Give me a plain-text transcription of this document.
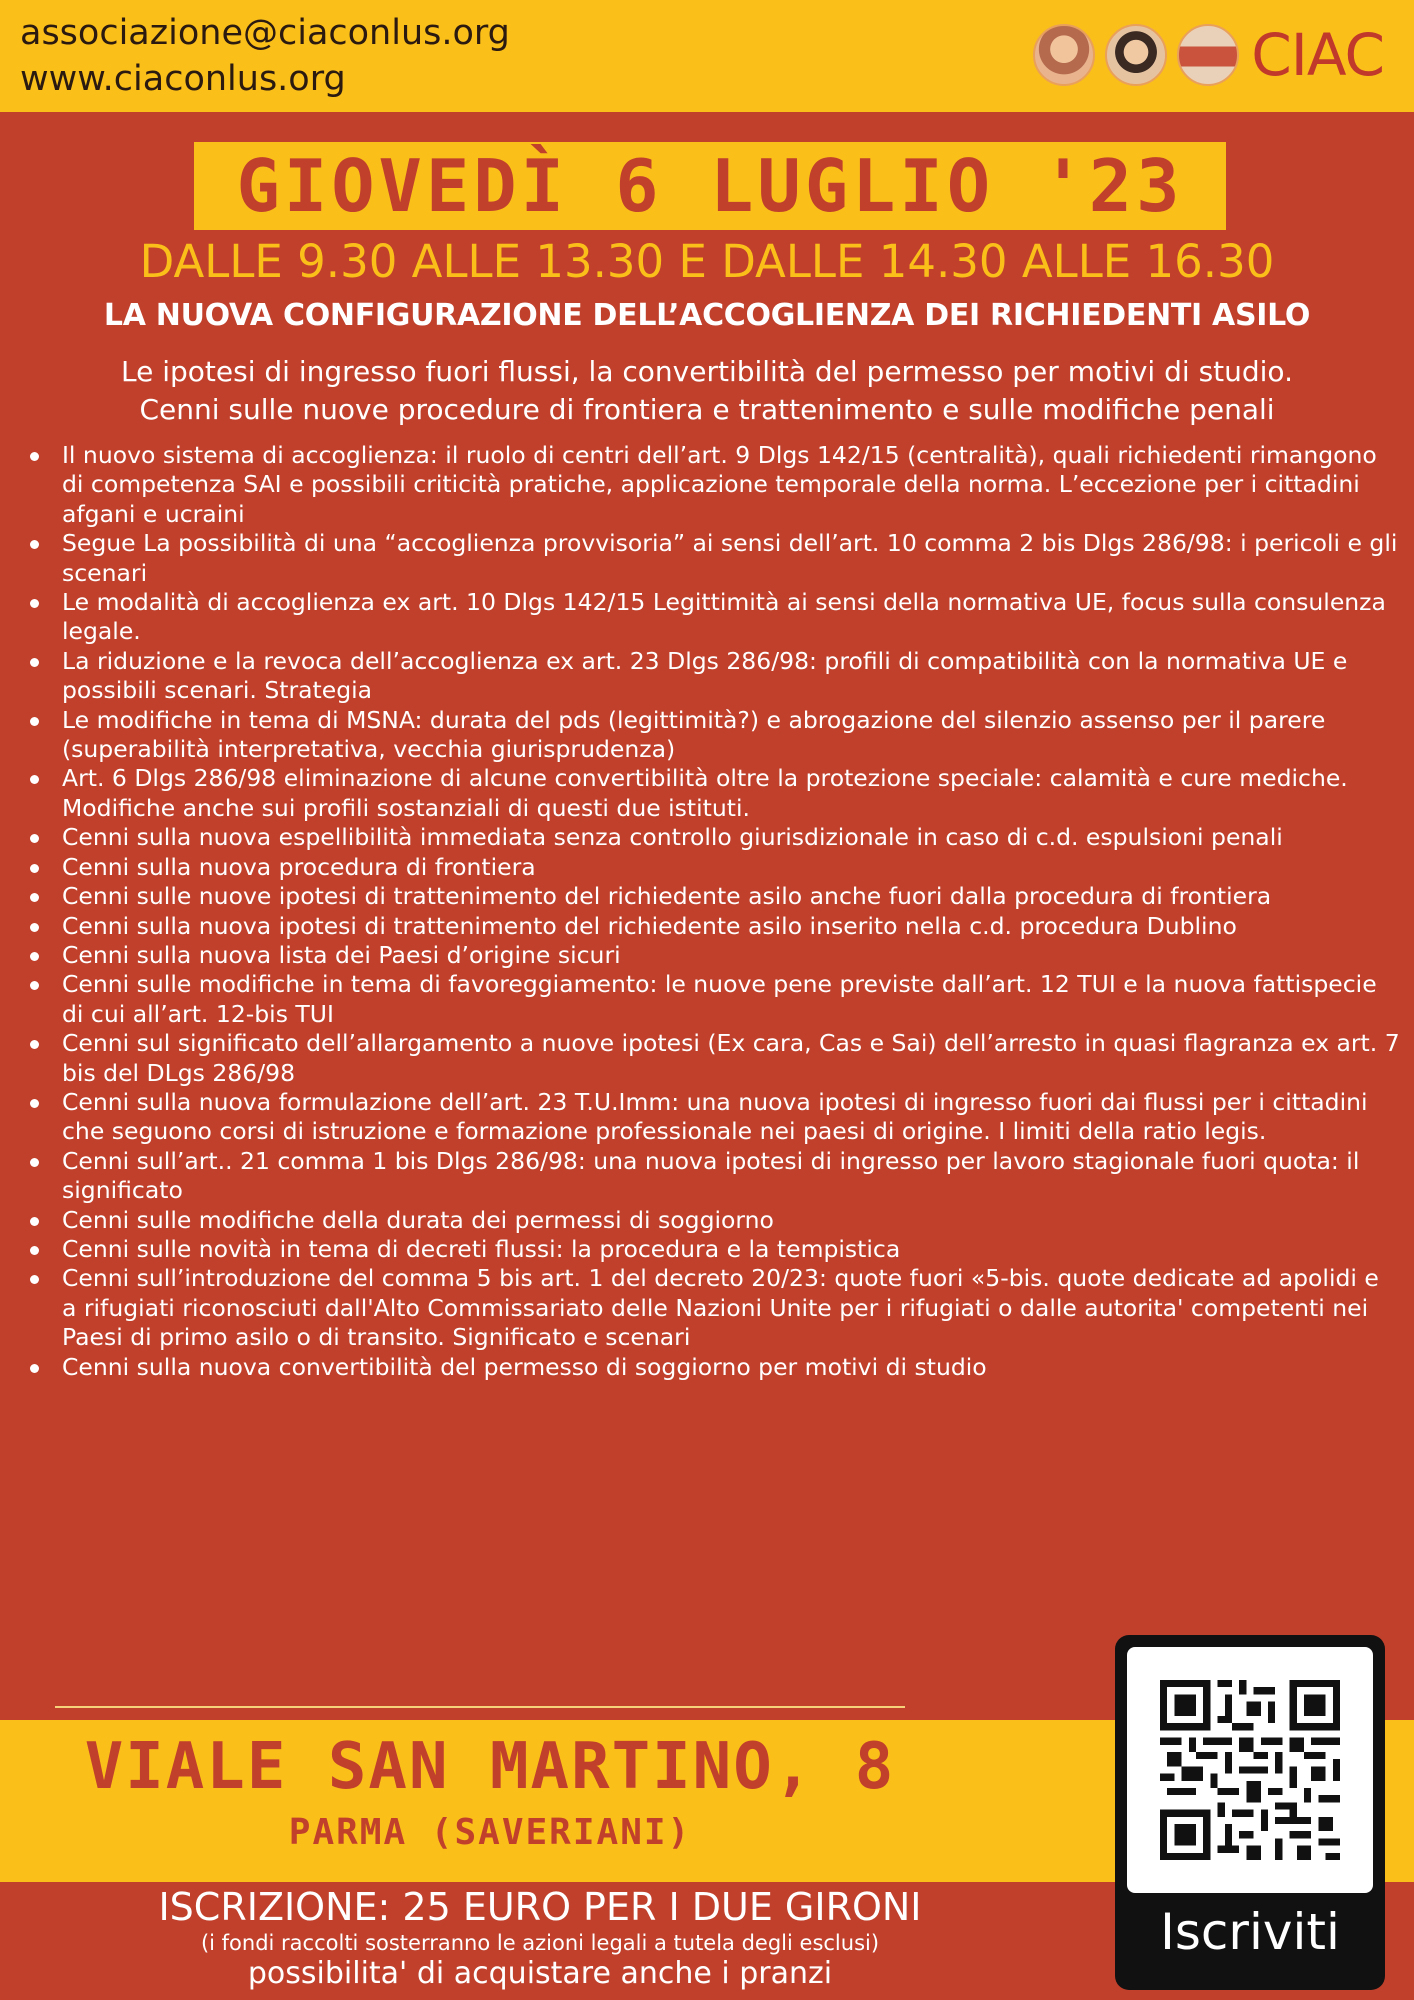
associazione@ciaconlus.org
www.ciaconlus.org	CIAC
GIOVEDÌ 6 LUGLIO '23
DALLE 9.30 ALLE 13.30 E DALLE 14.30 ALLE 16.30
LA NUOVA CONFIGURAZIONE DELL’ACCOGLIENZA DEI RICHIEDENTI ASILO
Le ipotesi di ingresso fuori flussi, la convertibilità del permesso per motivi di studio.
Cenni sulle nuove procedure di frontiera e trattenimento e sulle modifiche penali
Il nuovo sistema di accoglienza: il ruolo di centri dell’art. 9 Dlgs 142/15 (centralità), quali richiedenti rimangono di competenza SAI e possibili criticità pratiche, applicazione temporale della norma. L’eccezione per i cittadini afgani e ucraini
Segue La possibilità di una “accoglienza provvisoria” ai sensi dell’art. 10 comma 2 bis Dlgs 286/98: i pericoli e gli scenari
Le modalità di accoglienza ex art. 10 Dlgs 142/15 Legittimità ai sensi della normativa UE, focus sulla consulenza legale.
La riduzione e la revoca dell’accoglienza ex art. 23 Dlgs 286/98: profili di compatibilità con la normativa UE e possibili scenari. Strategia
Le modifiche in tema di MSNA: durata del pds (legittimità?) e abrogazione del silenzio assenso per il parere (superabilità interpretativa, vecchia giurisprudenza)
Art. 6 Dlgs 286/98 eliminazione di alcune convertibilità oltre la protezione speciale: calamità e cure mediche. Modifiche anche sui profili sostanziali di questi due istituti.
Cenni sulla nuova espellibilità immediata senza controllo giurisdizionale in caso di c.d. espulsioni penali
Cenni sulla nuova procedura di frontiera
Cenni sulle nuove ipotesi di trattenimento del richiedente asilo anche fuori dalla procedura di frontiera
Cenni sulla nuova ipotesi di trattenimento del richiedente asilo inserito nella c.d. procedura Dublino
Cenni sulla nuova lista dei Paesi d’origine sicuri
Cenni sulle modifiche in tema di favoreggiamento: le nuove pene previste dall’art. 12 TUI e la nuova fattispecie di cui all’art. 12-bis TUI
Cenni sul significato dell’allargamento a nuove ipotesi (Ex cara, Cas e Sai) dell’arresto in quasi flagranza ex art. 7 bis del DLgs 286/98
Cenni sulla nuova formulazione dell’art. 23 T.U.Imm: una nuova ipotesi di ingresso fuori dai flussi per i cittadini che seguono corsi di istruzione e formazione professionale nei paesi di origine. I limiti della ratio legis.
Cenni sull’art.. 21 comma 1 bis Dlgs 286/98: una nuova ipotesi di ingresso per lavoro stagionale fuori quota: il significato
Cenni sulle modifiche della durata dei permessi di soggiorno
Cenni sulle novità in tema di decreti flussi: la procedura e la tempistica
Cenni sull’introduzione del comma 5 bis art. 1 del decreto 20/23: quote fuori «5-bis. quote dedicate ad apolidi e a rifugiati riconosciuti dall'Alto Commissariato delle Nazioni Unite per i rifugiati o dalle autorita' competenti nei Paesi di primo asilo o di transito. Significato e scenari
Cenni sulla nuova convertibilità del permesso di soggiorno per motivi di studio
VIALE SAN MARTINO, 8
PARMA (SAVERIANI)
ISCRIZIONE: 25 EURO PER I DUE GIRONI
(i fondi raccolti sosterranno le azioni legali a tutela degli esclusi)
possibilita' di acquistare anche i pranzi
Iscriviti
